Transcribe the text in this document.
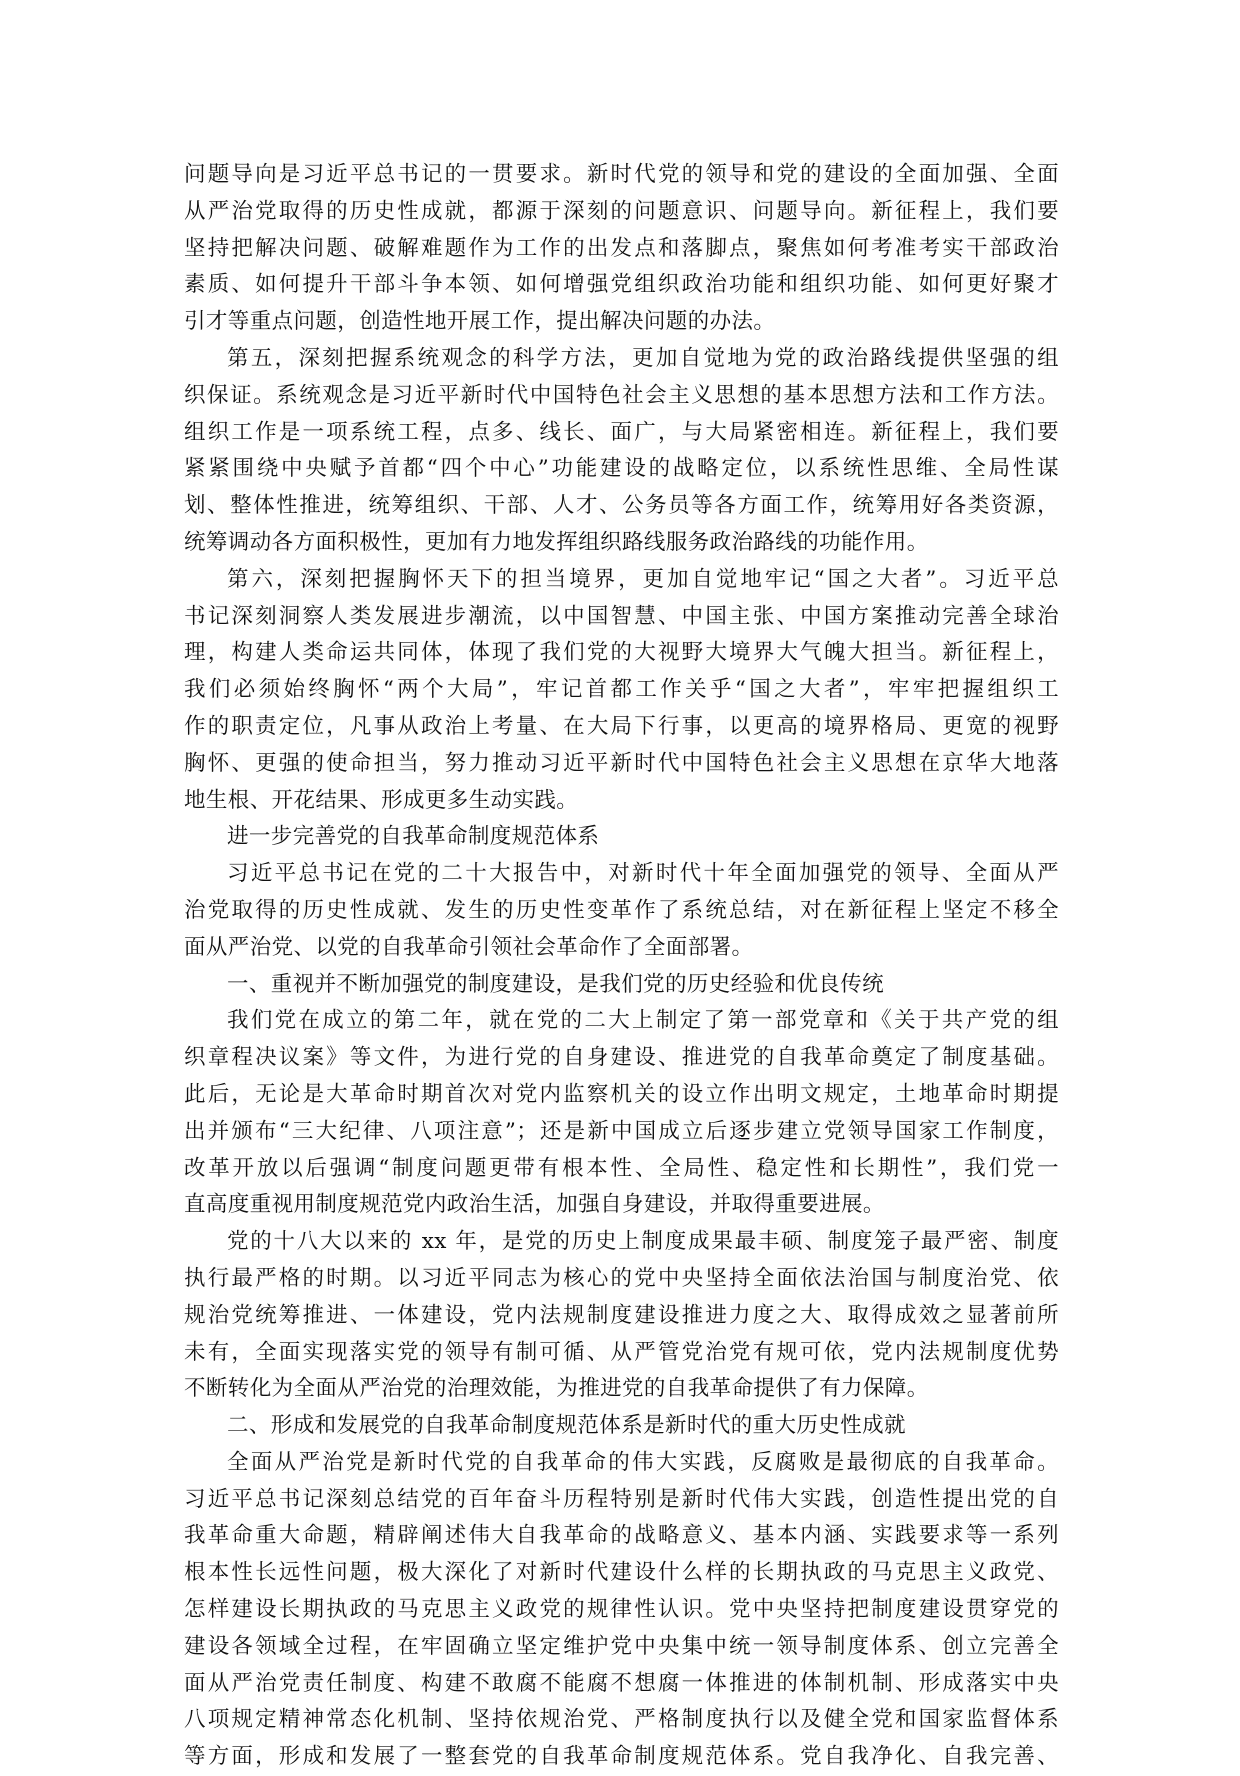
问题导向是习近平总书记的一贯要求。新时代党的领导和党的建设的全面加强、全面
从严治党取得的历史性成就，都源于深刻的问题意识、问题导向。新征程上，我们要
坚持把解决问题、破解难题作为工作的出发点和落脚点，聚焦如何考准考实干部政治
素质、如何提升干部斗争本领、如何增强党组织政治功能和组织功能、如何更好聚才
引才等重点问题，创造性地开展工作，提出解决问题的办法。
第五，深刻把握系统观念的科学方法，更加自觉地为党的政治路线提供坚强的组
织保证。系统观念是习近平新时代中国特色社会主义思想的基本思想方法和工作方法。
组织工作是一项系统工程，点多、线长、面广，与大局紧密相连。新征程上，我们要
紧紧围绕中央赋予首都“四个中心”功能建设的战略定位，以系统性思维、全局性谋
划、整体性推进，统筹组织、干部、人才、公务员等各方面工作，统筹用好各类资源，
统筹调动各方面积极性，更加有力地发挥组织路线服务政治路线的功能作用。
第六，深刻把握胸怀天下的担当境界，更加自觉地牢记“国之大者”。习近平总
书记深刻洞察人类发展进步潮流，以中国智慧、中国主张、中国方案推动完善全球治
理，构建人类命运共同体，体现了我们党的大视野大境界大气魄大担当。新征程上，
我们必须始终胸怀“两个大局”，牢记首都工作关乎“国之大者”，牢牢把握组织工
作的职责定位，凡事从政治上考量、在大局下行事，以更高的境界格局、更宽的视野
胸怀、更强的使命担当，努力推动习近平新时代中国特色社会主义思想在京华大地落
地生根、开花结果、形成更多生动实践。
进一步完善党的自我革命制度规范体系
习近平总书记在党的二十大报告中，对新时代十年全面加强党的领导、全面从严
治党取得的历史性成就、发生的历史性变革作了系统总结，对在新征程上坚定不移全
面从严治党、以党的自我革命引领社会革命作了全面部署。
一、重视并不断加强党的制度建设，是我们党的历史经验和优良传统
我们党在成立的第二年，就在党的二大上制定了第一部党章和《关于共产党的组
织章程决议案》等文件，为进行党的自身建设、推进党的自我革命奠定了制度基础。
此后，无论是大革命时期首次对党内监察机关的设立作出明文规定，土地革命时期提
出并颁布“三大纪律、八项注意”；还是新中国成立后逐步建立党领导国家工作制度，
改革开放以后强调“制度问题更带有根本性、全局性、稳定性和长期性”，我们党一
直高度重视用制度规范党内政治生活，加强自身建设，并取得重要进展。
党的十八大以来的 xx 年，是党的历史上制度成果最丰硕、制度笼子最严密、制度
执行最严格的时期。以习近平同志为核心的党中央坚持全面依法治国与制度治党、依
规治党统筹推进、一体建设，党内法规制度建设推进力度之大、取得成效之显著前所
未有，全面实现落实党的领导有制可循、从严管党治党有规可依，党内法规制度优势
不断转化为全面从严治党的治理效能，为推进党的自我革命提供了有力保障。
二、形成和发展党的自我革命制度规范体系是新时代的重大历史性成就
全面从严治党是新时代党的自我革命的伟大实践，反腐败是最彻底的自我革命。
习近平总书记深刻总结党的百年奋斗历程特别是新时代伟大实践，创造性提出党的自
我革命重大命题，精辟阐述伟大自我革命的战略意义、基本内涵、实践要求等一系列
根本性长远性问题，极大深化了对新时代建设什么样的长期执政的马克思主义政党、
怎样建设长期执政的马克思主义政党的规律性认识。党中央坚持把制度建设贯穿党的
建设各领域全过程，在牢固确立坚定维护党中央集中统一领导制度体系、创立完善全
面从严治党责任制度、构建不敢腐不能腐不想腐一体推进的体制机制、形成落实中央
八项规定精神常态化机制、坚持依规治党、严格制度执行以及健全党和国家监督体系
等方面，形成和发展了一整套党的自我革命制度规范体系。党自我净化、自我完善、
